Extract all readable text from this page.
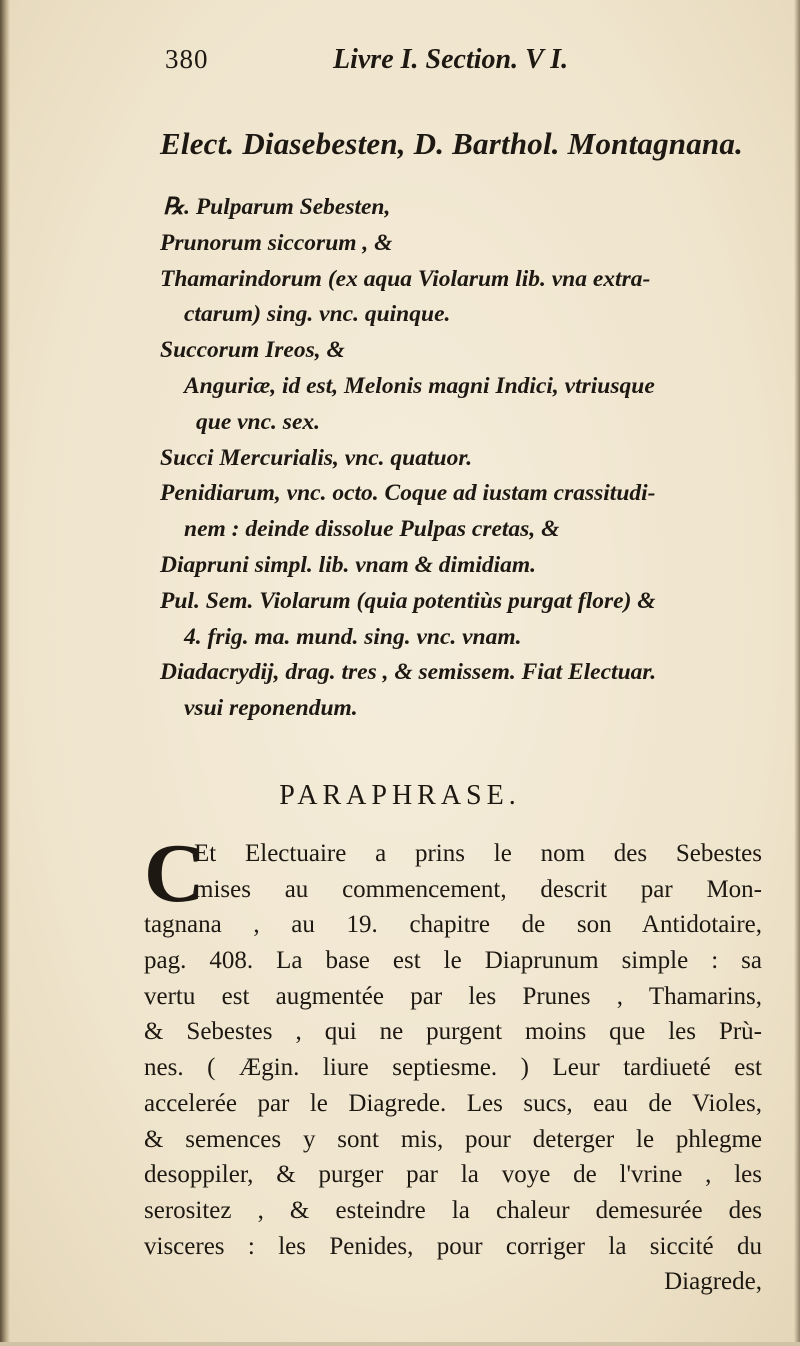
380	Livre I. Section. V I.
Elect. Diasebesten, D. Barthol. Montagnana.
℞. Pulparum Sebesten,
Prunorum siccorum , &
Thamarindorum (ex aqua Violarum lib. vna extra-
ctarum) sing. vnc. quinque.
Succorum Ireos, &
Anguriæ, id est, Melonis magni Indici, vtriusque
que vnc. sex.
Succi Mercurialis, vnc. quatuor.
Penidiarum, vnc. octo. Coque ad iustam crassitudi-
nem : deinde dissolue Pulpas cretas, &
Diapruni simpl. lib. vnam & dimidiam.
Pul. Sem. Violarum (quia potentiùs purgat flore) &
4. frig. ma. mund. sing. vnc. vnam.
Diadacrydij, drag. tres , & semissem. Fiat Electuar.
vsui reponendum.
PARAPHRASE.
C
Et Electuaire a prins le nom des Sebestes
mises au commencement, descrit par Mon-
tagnana , au 19. chapitre de son Antidotaire,
pag. 408. La base est le Diaprunum simple : sa
vertu est augmentée par les Prunes , Thamarins,
& Sebestes , qui ne purgent moins que les Prù-
nes. ( Ægin. liure septiesme. ) Leur tardiueté est
accelerée par le Diagrede. Les sucs, eau de Violes,
& semences y sont mis, pour deterger le phlegme
desoppiler, & purger par la voye de l'vrine , les
serositez , & esteindre la chaleur demesurée des
visceres : les Penides, pour corriger la siccité du
Diagrede,
